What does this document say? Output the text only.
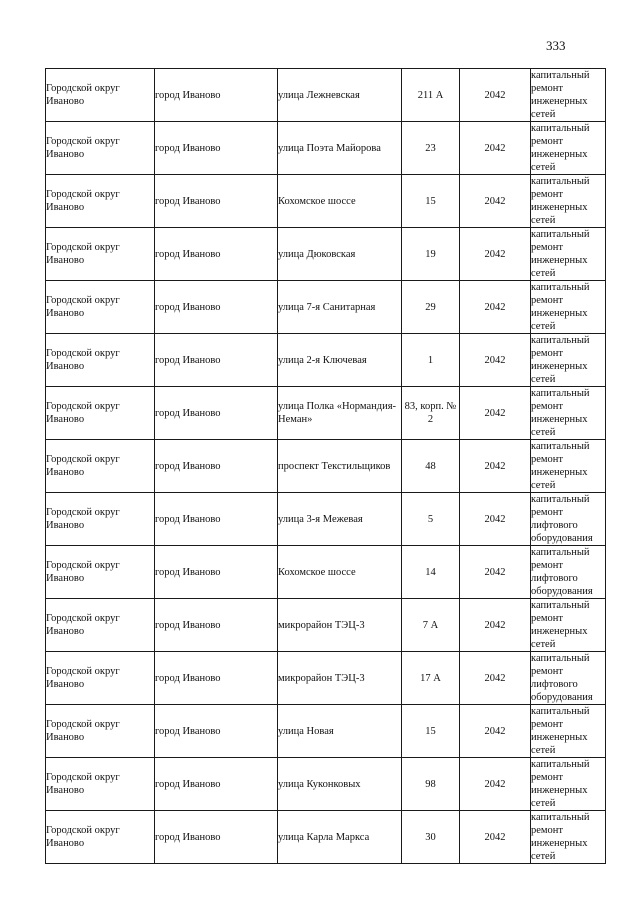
333
Городской округ Иваново	город Иваново	улица Лежневская	211 А	2042	капитальный ремонт инженерных сетей

Городской округ Иваново	город Иваново	улица Поэта Майорова	23	2042	капитальный ремонт инженерных сетей

Городской округ Иваново	город Иваново	Кохомское шоссе	15	2042	капитальный ремонт инженерных сетей

Городской округ Иваново	город Иваново	улица Дюковская	19	2042	капитальный ремонт инженерных сетей

Городской округ Иваново	город Иваново	улица 7-я Санитарная	29	2042	капитальный ремонт инженерных сетей

Городской округ Иваново	город Иваново	улица 2-я Ключевая	1	2042	капитальный ремонт инженерных сетей

Городской округ Иваново	город Иваново	улица Полка «Нормандия-Неман»	83, корп. № 2	2042	капитальный ремонт инженерных сетей

Городской округ Иваново	город Иваново	проспект Текстильщиков	48	2042	капитальный ремонт инженерных сетей

Городской округ Иваново	город Иваново	улица 3-я Межевая	5	2042	капитальный ремонт лифтового оборудования

Городской округ Иваново	город Иваново	Кохомское шоссе	14	2042	капитальный ремонт лифтового оборудования

Городской округ Иваново	город Иваново	микрорайон ТЭЦ-3	7 А	2042	капитальный ремонт инженерных сетей

Городской округ Иваново	город Иваново	микрорайон ТЭЦ-3	17 А	2042	капитальный ремонт лифтового оборудования

Городской округ Иваново	город Иваново	улица Новая	15	2042	капитальный ремонт инженерных сетей

Городской округ Иваново	город Иваново	улица Куконковых	98	2042	капитальный ремонт инженерных сетей

Городской округ Иваново	город Иваново	улица Карла Маркса	30	2042	капитальный ремонт инженерных сетей
